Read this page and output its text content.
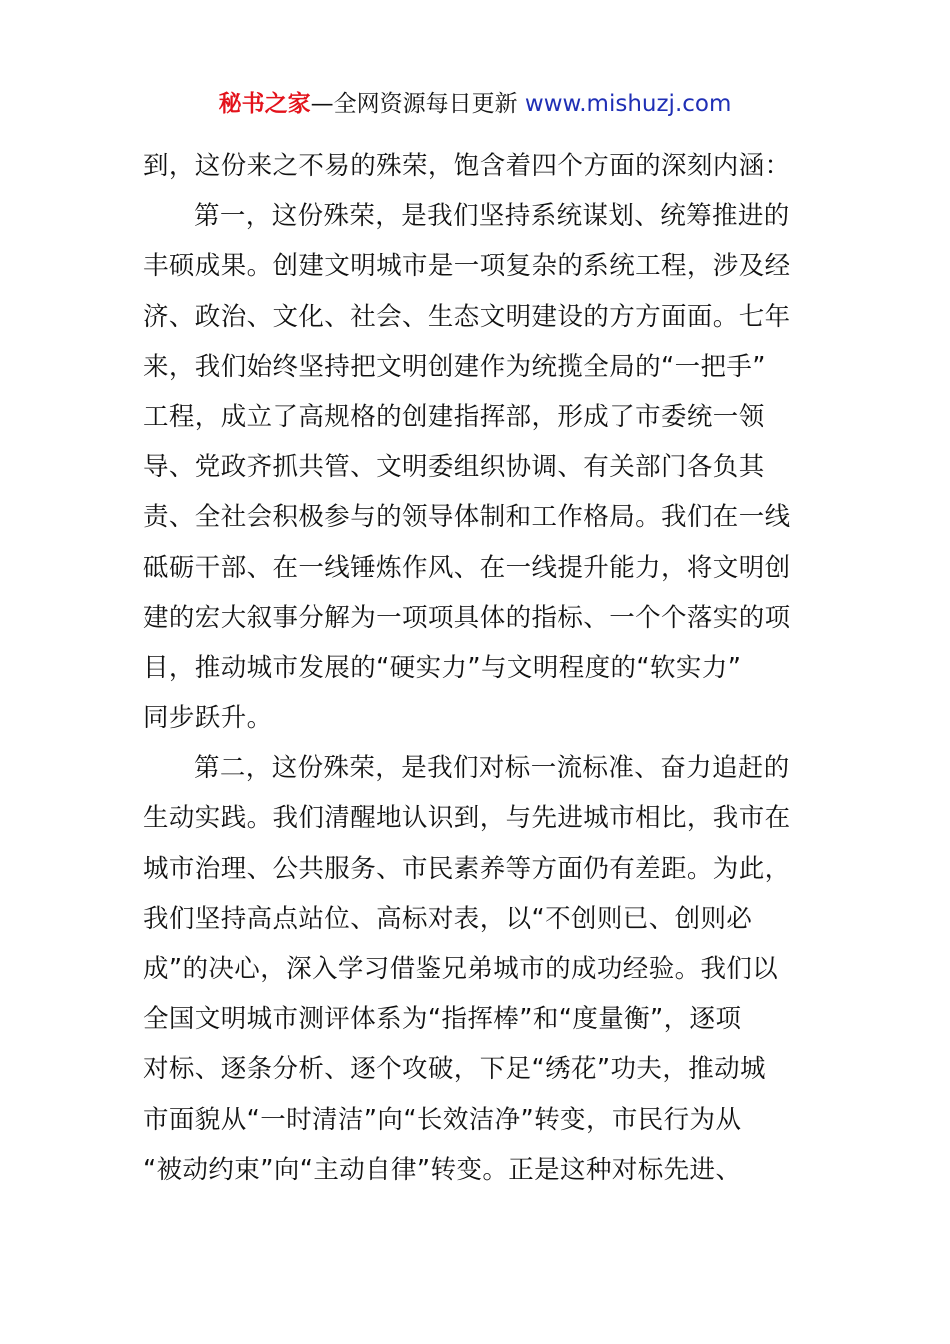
秘书之家—全网资源每日更新 www.mishuzj.com
到，这份来之不易的殊荣，饱含着四个方面的深刻内涵：
第一，这份殊荣，是我们坚持系统谋划、统筹推进的
丰硕成果。创建文明城市是一项复杂的系统工程，涉及经
济、政治、文化、社会、生态文明建设的方方面面。七年
来，我们始终坚持把文明创建作为统揽全局的“一把手”
工程，成立了高规格的创建指挥部，形成了市委统一领
导、党政齐抓共管、文明委组织协调、有关部门各负其
责、全社会积极参与的领导体制和工作格局。我们在一线
砥砺干部、在一线锤炼作风、在一线提升能力，将文明创
建的宏大叙事分解为一项项具体的指标、一个个落实的项
目，推动城市发展的“硬实力”与文明程度的“软实力”
同步跃升。
第二，这份殊荣，是我们对标一流标准、奋力追赶的
生动实践。我们清醒地认识到，与先进城市相比，我市在
城市治理、公共服务、市民素养等方面仍有差距。为此，
我们坚持高点站位、高标对表，以“不创则已、创则必
成”的决心，深入学习借鉴兄弟城市的成功经验。我们以
全国文明城市测评体系为“指挥棒”和“度量衡”，逐项
对标、逐条分析、逐个攻破，下足“绣花”功夫，推动城
市面貌从“一时清洁”向“长效洁净”转变，市民行为从
“被动约束”向“主动自律”转变。正是这种对标先进、
